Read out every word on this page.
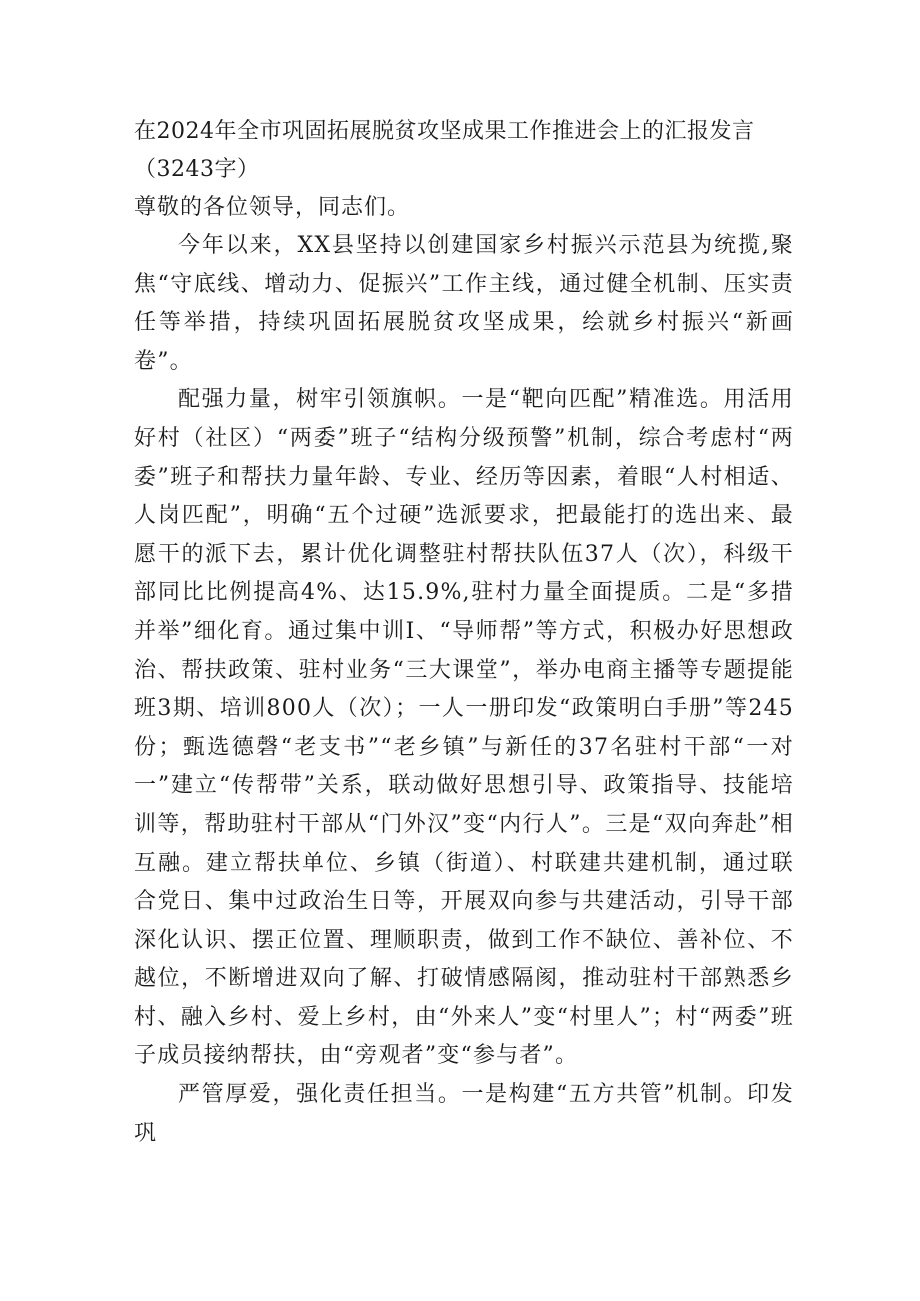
在2024年全市巩固拓展脱贫攻坚成果工作推进会上的汇报发言（3243字）

尊敬的各位领导，同志们。

今年以来，XX县坚持以创建国家乡村振兴示范县为统揽,聚焦“守底线、增动力、促振兴”工作主线，通过健全机制、压实责任等举措，持续巩固拓展脱贫攻坚成果，绘就乡村振兴“新画卷”。

配强力量，树牢引领旗帜。一是“靶向匹配”精准选。用活用好村（社区）“两委”班子“结构分级预警”机制，综合考虑村“两委”班子和帮扶力量年龄、专业、经历等因素，着眼“人村相适、人岗匹配”，明确“五个过硬”选派要求，把最能打的选出来、最愿干的派下去，累计优化调整驻村帮扶队伍37人（次），科级干部同比比例提高4%、达15.9%,驻村力量全面提质。二是“多措并举”细化育。通过集中训I、“导师帮”等方式，积极办好思想政治、帮扶政策、驻村业务“三大课堂”，举办电商主播等专题提能班3期、培训800人（次）；一人一册印发“政策明白手册”等245份；甄选德磬“老支书”“老乡镇”与新任的37名驻村干部“一对一”建立“传帮带”关系，联动做好思想引导、政策指导、技能培训等，帮助驻村干部从“门外汉”变“内行人”。三是“双向奔赴”相互融。建立帮扶单位、乡镇（街道）、村联建共建机制，通过联合党日、集中过政治生日等，开展双向参与共建活动，引导干部深化认识、摆正位置、理顺职责，做到工作不缺位、善补位、不越位，不断增进双向了解、打破情感隔阂，推动驻村干部熟悉乡村、融入乡村、爱上乡村，由“外来人”变“村里人”；村“两委”班子成员接纳帮扶，由“旁观者”变“参与者”。

严管厚爱，强化责任担当。一是构建“五方共管”机制。印发巩
